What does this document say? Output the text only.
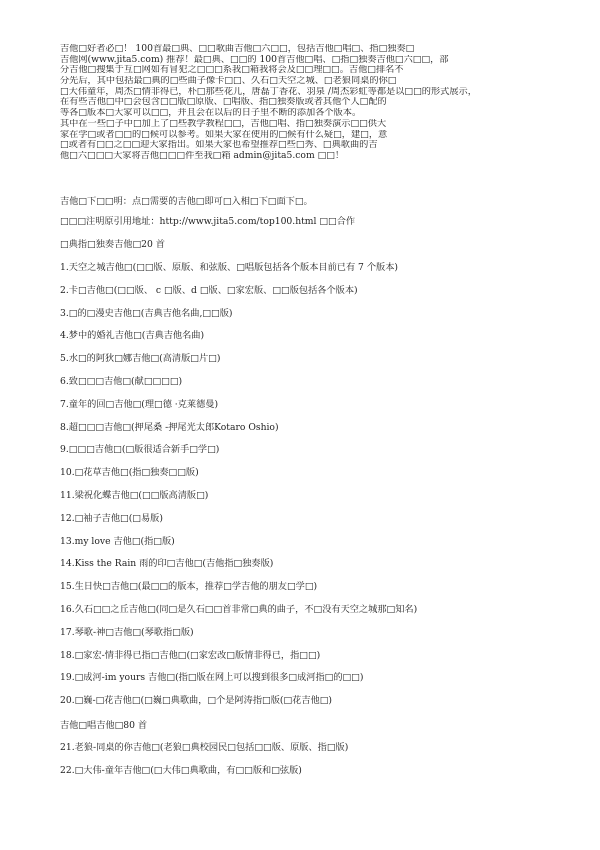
吉他□好者必□！ 100首最□典、□□歌曲吉他□六□□，包括吉他□唱□、指□独奏□
吉他网(www.jita5.com) 推荐！最□典、□□的 100首吉他□唱、□指□独奏吉他□六□□，部
分吉他□搜集于互□网如有冒犯之□□□系我□箱我将会及□□理□□。吉他□排名不
分先后，其中包括最□典的□些曲子像卡□□、久石□天空之城、□老狼同桌的你□
□大伟童年，周杰□情非得已，朴□那些花儿，唐磊丁香花、羽泉 /周杰彩虹等都是以□□的形式展示，
在有些吉他□中□会包含□□版□原版、□唱版、指□独奏版或者其他个人□配的
等各□版本□大家可以□□，并且会在以后的日子里不断的添加各个版本。
其中在一些□子中□加上了□些教学教程□□，吉他□唱、指□独奏演示□□供大
家在学□或者□□的□候可以参考。如果大家在使用的□候有什么疑□，建□，意
□或者有□□之□□迎大家指出。如果大家也希望推荐□些□秀、□典歌曲的吉
他□六□□□大家将吉他□□□件至我□箱 admin@jita5.com □□！
吉他□下□□明：点□需要的吉他□即可□入相□下□面下□。
□□□注明原引用地址：http://www.jita5.com/top100.html □□合作
□典指□独奏吉他□20 首
1.天空之城吉他□(□□版、原版、和弦版、□唱版包括各个版本目前已有 7 个版本)
2.卡□吉他□(□□版、 c □版、d □版、□家宏版、□□版包括各个版本)
3.□的□漫史吉他□(吉典吉他名曲,□□版)
4.梦中的婚礼吉他□(吉典吉他名曲)
5.水□的阿狄□娜吉他□(高清版□片□)
6.致□□□吉他□(献□□□□)
7.童年的回□吉他□(理□德 ·克莱德曼)
8.超□□□吉他□(押尾桑 -押尾光太郎Kotaro Oshio)
9.□□□吉他□(□版很适合新手□学□)
10.□花草吉他□(指□独奏□□版)
11.梁祝化蝶吉他□(□□版高清版□)
12.□袖子吉他□(□易版)
13.my love 吉他□(指□版)
14.Kiss the Rain 雨的印□吉他□(吉他指□独奏版)
15.生日快□吉他□(最□□的版本，推荐□学吉他的朋友□学□)
16.久石□□之丘吉他□(同□是久石□□首非常□典的曲子，不□没有天空之城那□知名)
17.琴歌-神□吉他□(琴歌指□版)
18.□家宏-情非得已指□吉他□(□家宏改□版情非得已，指□□)
19.□成河-im yours 吉他□(指□版在网上可以搜到很多□成河指□的□□)
20.□巍-□花吉他□(□巍□典歌曲，□个是阿涛指□版(□花吉他□)
吉他□唱吉他□80 首
21.老狼-同桌的你吉他□(老狼□典校园民□包括□□版、原版、指□版)
22.□大伟-童年吉他□(□大伟□典歌曲，有□□版和□弦版)
